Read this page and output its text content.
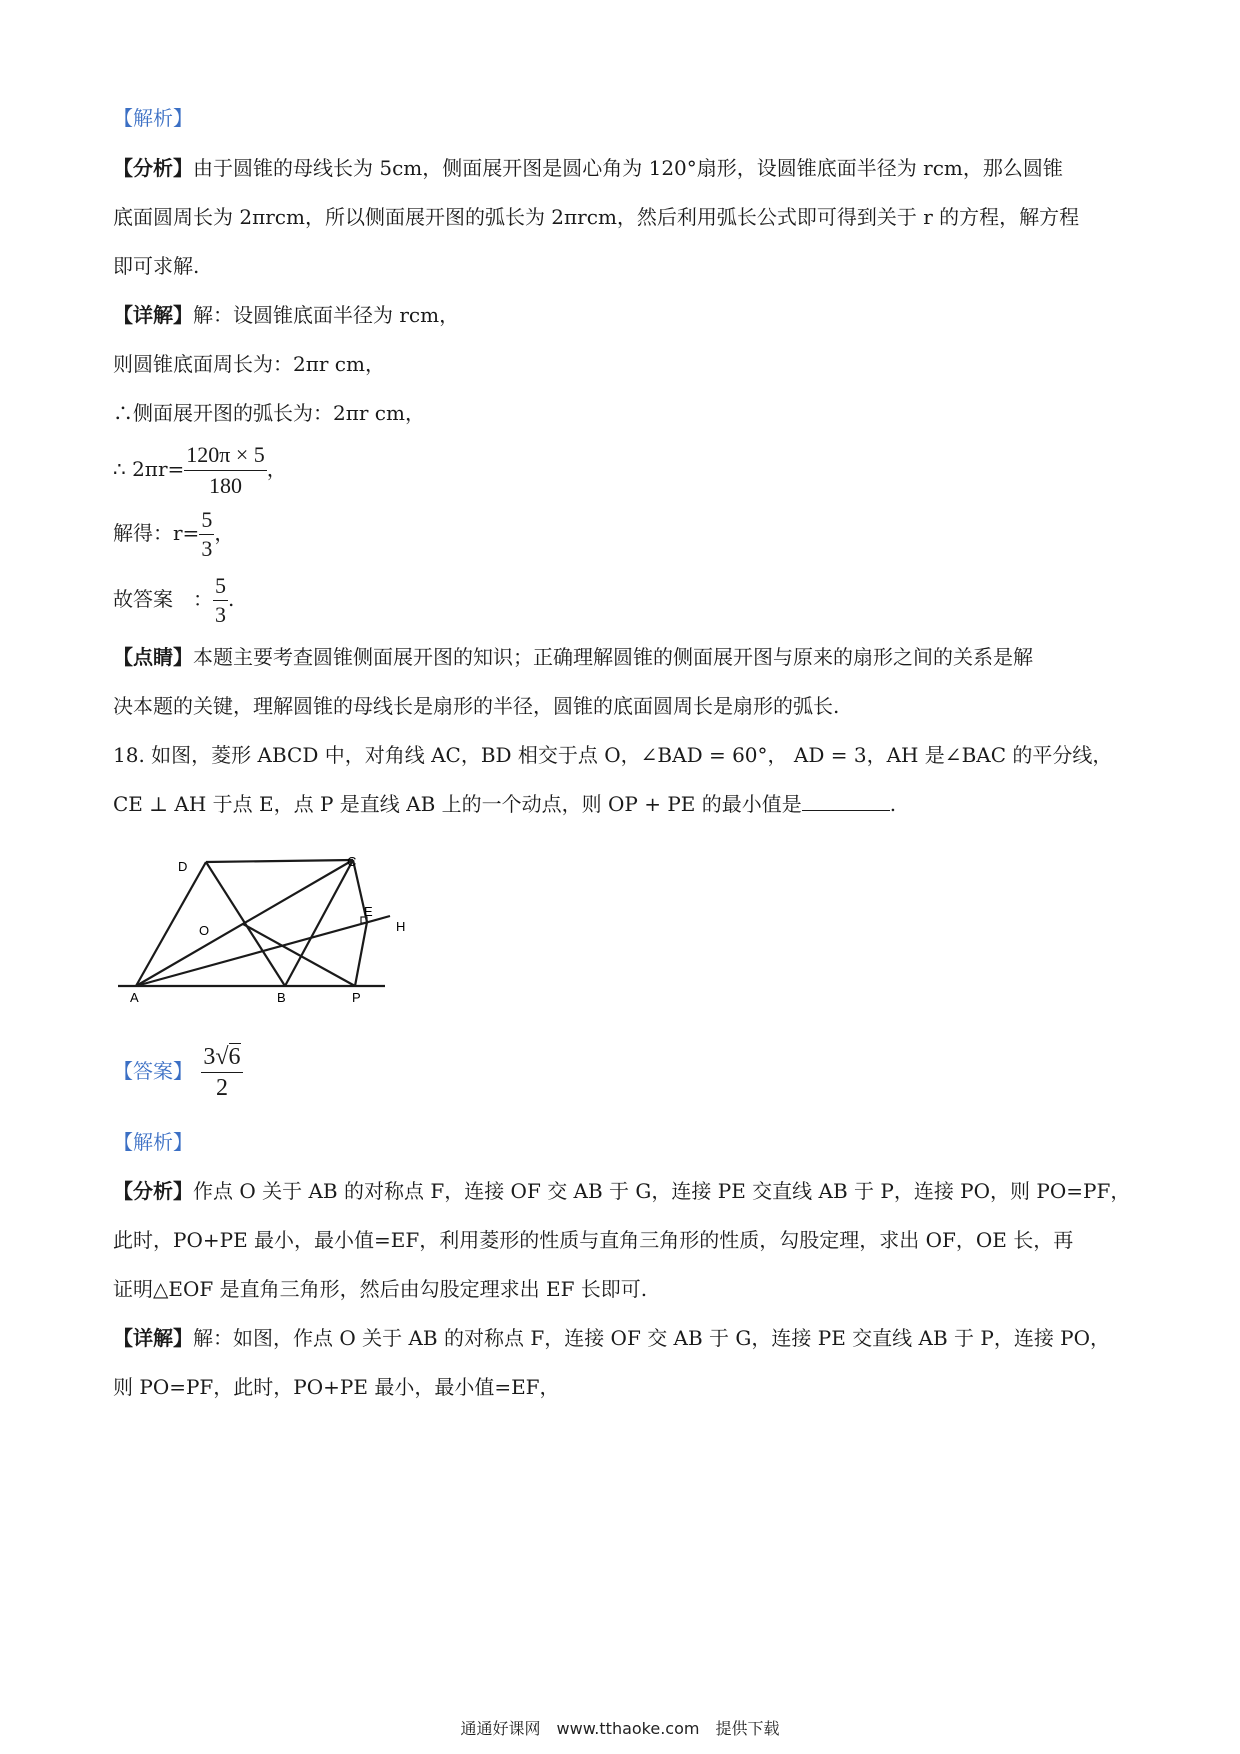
【解析】
【分析】由于圆锥的母线长为 5cm，侧面展开图是圆心角为 120°扇形，设圆锥底面半径为 rcm，那么圆锥
底面圆周长为 2πrcm，所以侧面展开图的弧长为 2πrcm，然后利用弧长公式即可得到关于 r 的方程，解方程
即可求解.
【详解】解：设圆锥底面半径为 rcm，
则圆锥底面周长为：2πr cm，
∴侧面展开图的弧长为：2πr cm，
∴ $2\pi r= \frac{120\pi \times 5}{180}$ ，
解得：$r= \frac{5}{3}$ ，
故答案　： $\frac{5}{3}$ .
【点睛】本题主要考查圆锥侧面展开图的知识；正确理解圆锥的侧面展开图与原来的扇形之间的关系是解
决本题的关键，理解圆锥的母线长是扇形的半径，圆锥的底面圆周长是扇形的弧长.
18. 如图，菱形 ABCD 中，对角线 AC，BD 相交于点 O，∠BAD = 60°， AD = 3，AH 是∠BAC 的平分线，
CE ⊥ AH 于点 E，点 P 是直线 AB 上的一个动点，则 OP + PE 的最小值是	.
D	C
O
E
H
A	B	P
【答案】 $\frac{3√6}{2}$
【解析】
【分析】作点 O 关于 AB 的对称点 F，连接 OF 交 AB 于 G，连接 PE 交直线 AB 于 P，连接 PO，则 PO=PF，
此时，PO+PE 最小，最小值=EF，利用菱形的性质与直角三角形的性质，勾股定理，求出 OF，OE 长，再
证明△EOF 是直角三角形，然后由勾股定理求出 EF 长即可.
【详解】解：如图，作点 O 关于 AB 的对称点 F，连接 OF 交 AB 于 G，连接 PE 交直线 AB 于 P，连接 PO，
则 PO=PF，此时，PO+PE 最小，最小值=EF，
通通好课网　www.tthaoke.com　提供下载
